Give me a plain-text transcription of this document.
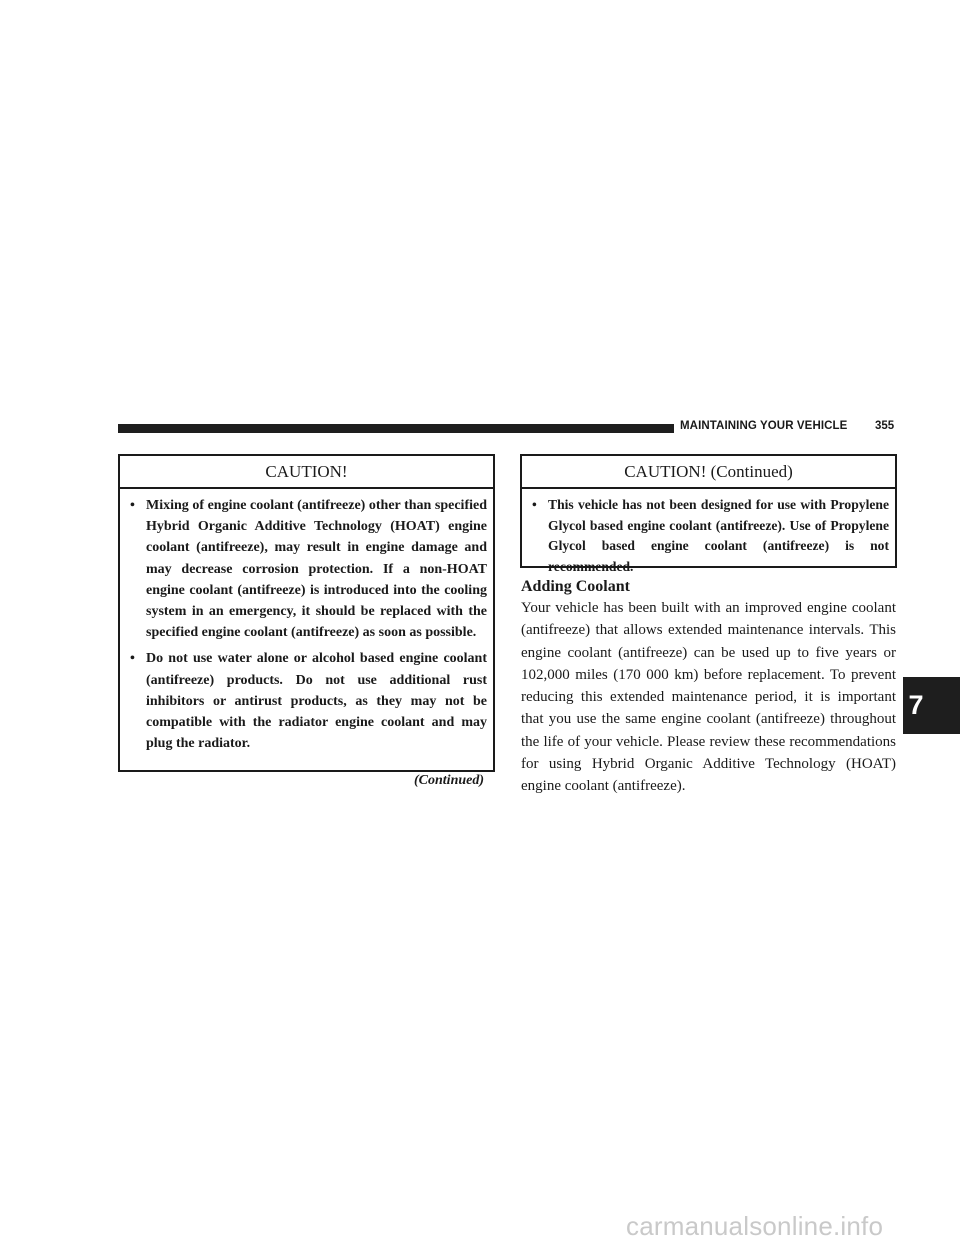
MAINTAINING YOUR VEHICLE 355
CAUTION!
• Mixing of engine coolant (antifreeze) other than specified Hybrid Organic Additive Technology (HOAT) engine coolant (antifreeze), may result in engine damage and may decrease corrosion protection. If a non-HOAT engine coolant (antifreeze) is introduced into the cooling system in an emergency, it should be replaced with the specified engine coolant (antifreeze) as soon as possible.
• Do not use water alone or alcohol based engine coolant (antifreeze) products. Do not use additional rust inhibitors or antirust products, as they may not be compatible with the radiator engine coolant and may plug the radiator.
(Continued)
CAUTION! (Continued)
• This vehicle has not been designed for use with Propylene Glycol based engine coolant (antifreeze). Use of Propylene Glycol based engine coolant (antifreeze) is not recommended.
Adding Coolant
Your vehicle has been built with an improved engine coolant (antifreeze) that allows extended maintenance intervals. This engine coolant (antifreeze) can be used up to five years or 102,000 miles (170 000 km) before replacement. To prevent reducing this extended maintenance period, it is important that you use the same engine coolant (antifreeze) throughout the life of your vehicle. Please review these recommendations for using Hybrid Organic Additive Technology (HOAT) engine coolant (antifreeze).
7
carmanualsonline.info
